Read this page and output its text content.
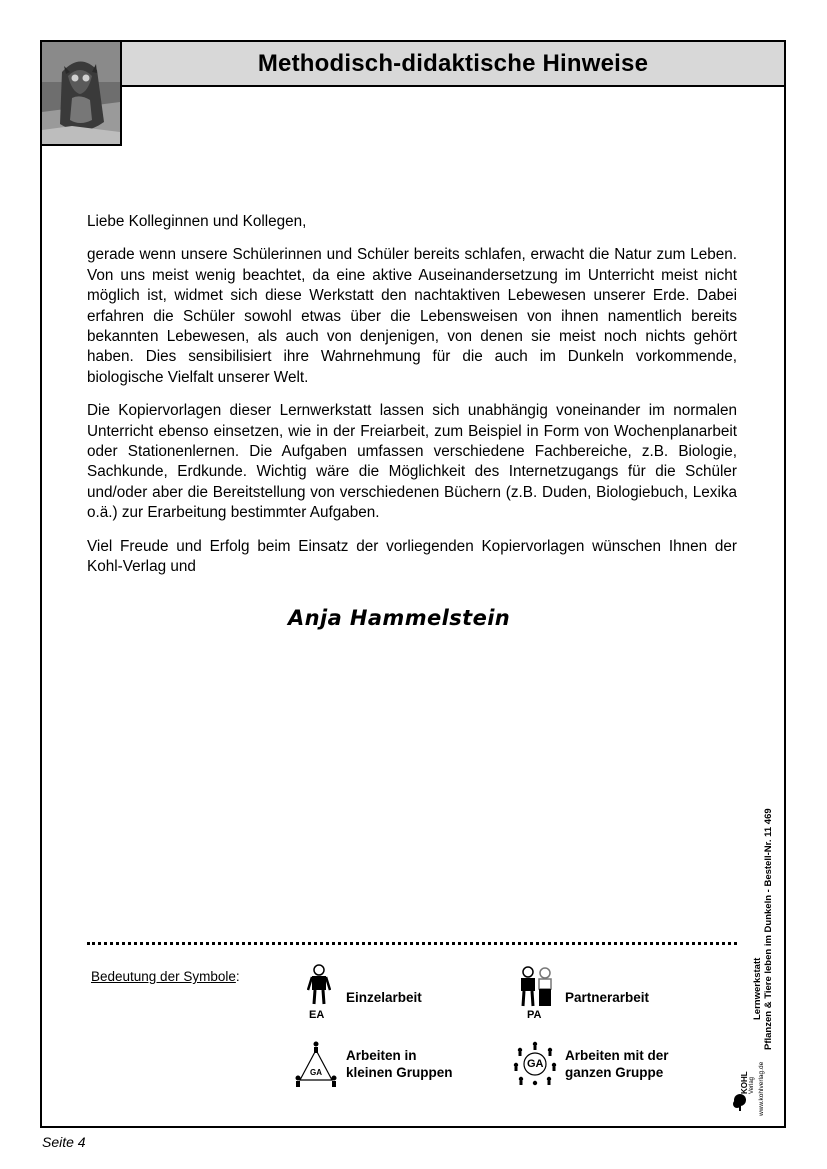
Methodisch-didaktische Hinweise

Liebe Kolleginnen und Kollegen,

gerade wenn unsere Schülerinnen und Schüler bereits schlafen, erwacht die Natur zum Leben. Von uns meist wenig beachtet, da eine aktive Auseinandersetzung im Unterricht meist nicht möglich ist, widmet sich diese Werkstatt den nachtaktiven Lebewesen unserer Erde. Dabei erfahren die Schüler sowohl etwas über die Lebensweisen von ihnen namentlich bereits bekannten Lebewesen, als auch von denjenigen, von denen sie meist noch nichts gehört haben. Dies sensibilisiert ihre Wahrnehmung für die auch im Dunkeln vorkommende, biologische Vielfalt unserer Welt.

Die Kopiervorlagen dieser Lernwerkstatt lassen sich unabhängig voneinander im normalen Unterricht ebenso einsetzen, wie in der Freiarbeit, zum Beispiel in Form von Wochenplanarbeit oder Stationenlernen. Die Aufgaben umfassen verschiedene Fachbereiche, z.B. Biologie, Sachkunde, Erdkunde. Wichtig wäre die Möglichkeit des Internetzugangs für die Schüler und/oder aber die Bereitstellung von verschiedenen Büchern (z.B. Duden, Biologiebuch, Lexika o.ä.) zur Erarbeitung bestimmter Aufgaben.

Viel Freude und Erfolg beim Einsatz der vorliegenden Kopiervorlagen wünschen Ihnen der Kohl-Verlag und

Anja Hammelstein
Bedeutung der Symbole:
EA
Einzelarbeit
PA
Partnerarbeit
GA
Arbeiten in
kleinen Gruppen
GA
Arbeiten mit der
ganzen Gruppe
Lernwerkstatt Pflanzen & Tiere leben im Dunkeln - Bestell-Nr. 11 469
KOHL Verlag www.kohlverlag.de
Seite 4
